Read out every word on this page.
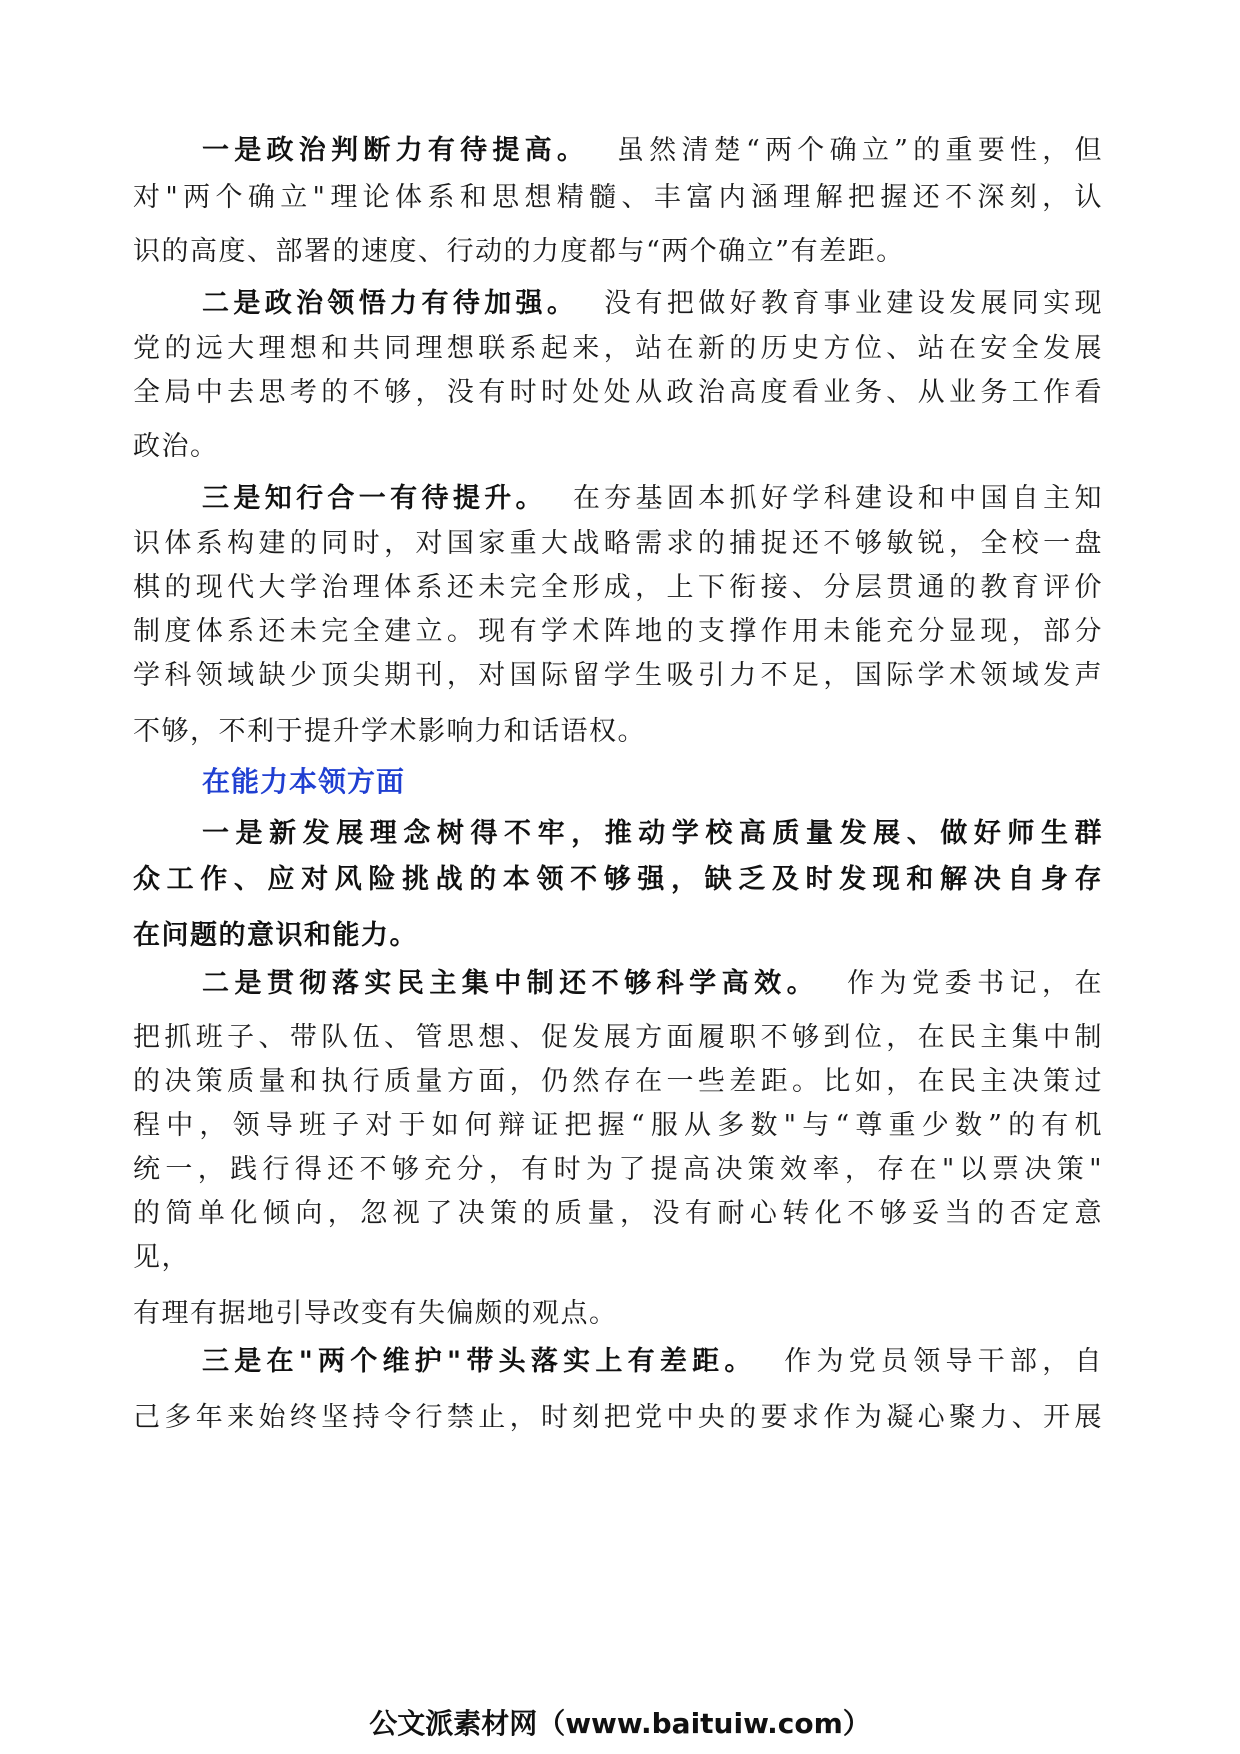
一是政治判断力有待提高。 虽然清楚“两个确立”的重要性，但
对"两个确立"理论体系和思想精髓、丰富内涵理解把握还不深刻，认
识的高度、部署的速度、行动的力度都与“两个确立”有差距。
二是政治领悟力有待加强。 没有把做好教育事业建设发展同实现
党的远大理想和共同理想联系起来，站在新的历史方位、站在安全发展
全局中去思考的不够，没有时时处处从政治高度看业务、从业务工作看
政治。
三是知行合一有待提升。 在夯基固本抓好学科建设和中国自主知
识体系构建的同时，对国家重大战略需求的捕捉还不够敏锐，全校一盘
棋的现代大学治理体系还未完全形成，上下衔接、分层贯通的教育评价
制度体系还未完全建立。现有学术阵地的支撑作用未能充分显现，部分
学科领域缺少顶尖期刊，对国际留学生吸引力不足，国际学术领域发声
不够，不利于提升学术影响力和话语权。
在能力本领方面
一是新发展理念树得不牢，推动学校高质量发展、做好师生群
众工作、应对风险挑战的本领不够强，缺乏及时发现和解决自身存
在问题的意识和能力。
二是贯彻落实民主集中制还不够科学高效。 作为党委书记，在
把抓班子、带队伍、管思想、促发展方面履职不够到位，在民主集中制
的决策质量和执行质量方面，仍然存在一些差距。比如，在民主决策过
程中，领导班子对于如何辩证把握“服从多数"与“尊重少数”的有机
统一，践行得还不够充分，有时为了提高决策效率，存在"以票决策"
的简单化倾向，忽视了决策的质量，没有耐心转化不够妥当的否定意
见，
有理有据地引导改变有失偏颇的观点。
三是在"两个维护"带头落实上有差距。 作为党员领导干部，自
己多年来始终坚持令行禁止，时刻把党中央的要求作为凝心聚力、开展
公文派素材网（www.baituiw.com）
